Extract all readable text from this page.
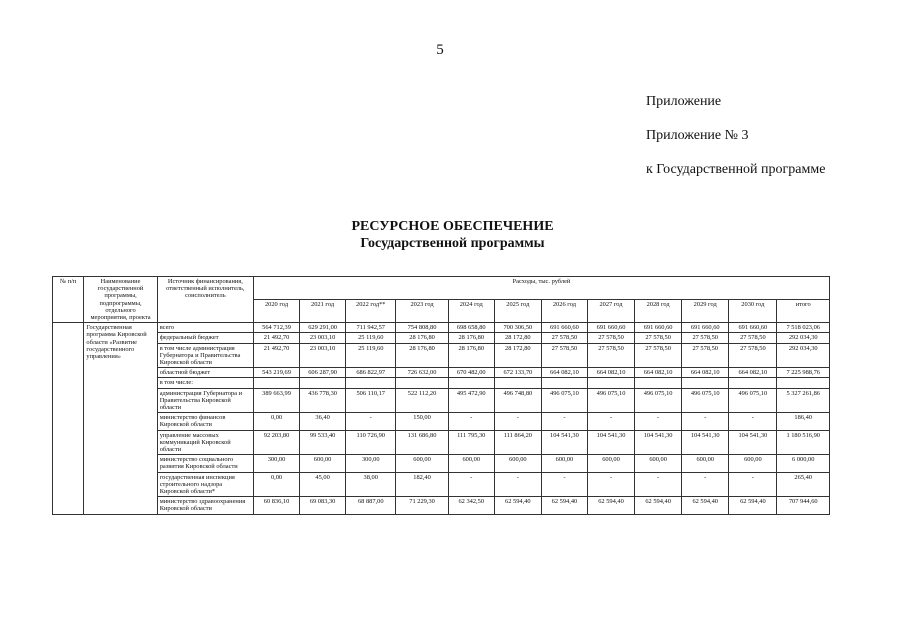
5
Приложение
Приложение № 3
к Государственной программе
РЕСУРСНОЕ ОБЕСПЕЧЕНИЕ
Государственной программы
№ п/п	Наименование государственной программы, подпрограммы, отдельного мероприятия, проекта	Источник финансирования, ответственный исполнитель, соисполнитель	Расходы, тыс. рублей											
			2020 год	2021 год	2022 год**	2023 год	2024 год	2025 год	2026 год	2027 год	2028 год	2029 год	2030 год	итого
	Государственная программа Кировской области «Развитие государственного управления»	всего	564 712,39	629 291,00	711 942,57	754 808,80	698 658,80	700 306,50	691 660,60	691 660,60	691 660,60	691 660,60	691 660,60	7 518 023,06
		федеральный бюджет	21 492,70	23 003,10	25 119,60	28 176,80	28 176,80	28 172,80	27 578,50	27 578,50	27 578,50	27 578,50	27 578,50	292 034,30
		в том числе администрация Губернатора и Правительства Кировской области	21 492,70	23 003,10	25 119,60	28 176,80	28 176,80	28 172,80	27 578,50	27 578,50	27 578,50	27 578,50	27 578,50	292 034,30
		областной бюджет	543 219,69	606 287,90	686 822,97	726 632,00	670 482,00	672 133,70	664 082,10	664 082,10	664 082,10	664 082,10	664 082,10	7 225 988,76
		в том числе:												
		администрация Губернатора и Правительства Кировской области	389 663,99	436 778,30	506 110,17	522 112,20	495 472,90	496 748,80	496 075,10	496 075,10	496 075,10	496 075,10	496 075,10	5 327 261,86
		министерство финансов Кировской области	0,00	36,40	-	150,00	-	-	-	-	-	-	-	186,40
		управление массовых коммуникаций Кировской области	92 203,80	99 533,40	110 726,90	131 686,80	111 795,30	111 864,20	104 541,30	104 541,30	104 541,30	104 541,30	104 541,30	1 180 516,90
		министерство социального развития Кировской области	300,00	600,00	300,00	600,00	600,00	600,00	600,00	600,00	600,00	600,00	600,00	6 000,00
		государственная инспекция строительного надзора Кировской области*	0,00	45,00	38,00	182,40	-	-	-	-	-	-	-	265,40
		министерство здравоохранения Кировской области	60 836,10	69 083,30	68 887,00	71 229,30	62 342,50	62 594,40	62 594,40	62 594,40	62 594,40	62 594,40	62 594,40	707 944,60
